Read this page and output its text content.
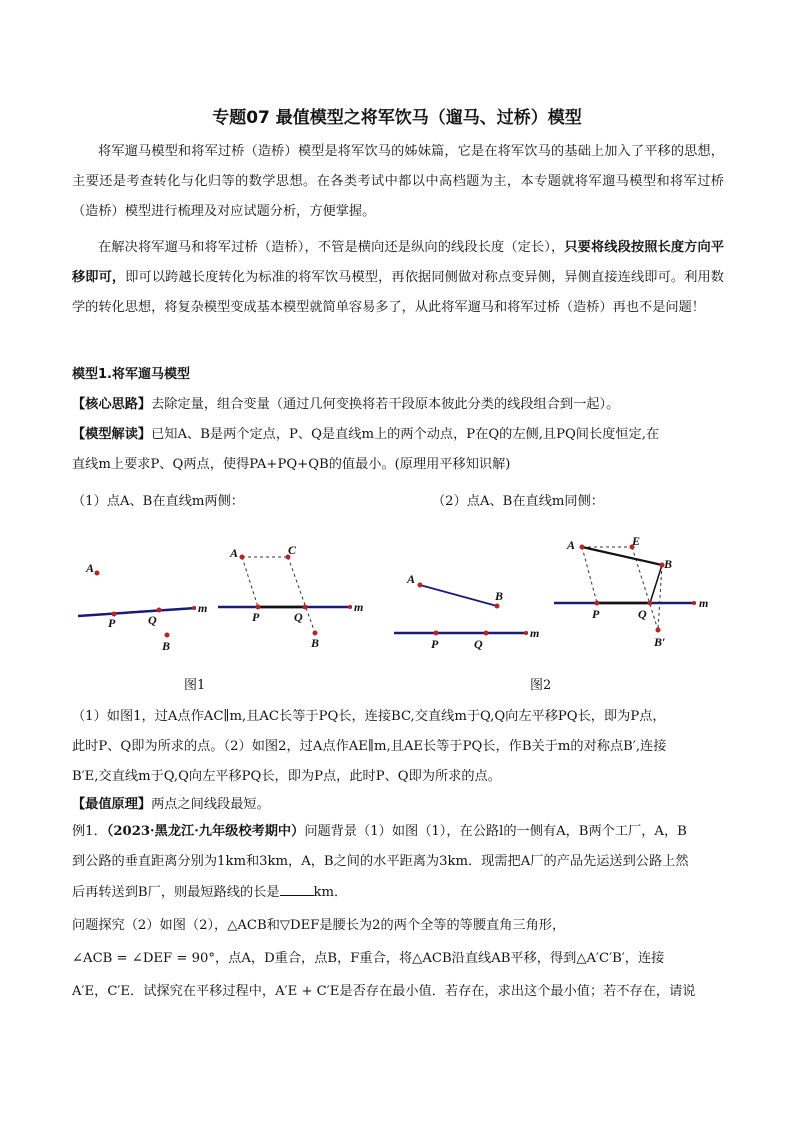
专题07 最值模型之将军饮马（遛马、过桥）模型

将军遛马模型和将军过桥（造桥）模型是将军饮马的姊妹篇，它是在将军饮马的基础上加入了平移的思想，主要还是考查转化与化归等的数学思想。在各类考试中都以中高档题为主，本专题就将军遛马模型和将军过桥（造桥）模型进行梳理及对应试题分析，方便掌握。

在解决将军遛马和将军过桥（造桥），不管是横向还是纵向的线段长度（定长），只要将线段按照长度方向平移即可，即可以跨越长度转化为标准的将军饮马模型，再依据同侧做对称点变异侧，异侧直接连线即可。利用数学的转化思想，将复杂模型变成基本模型就简单容易多了，从此将军遛马和将军过桥（造桥）再也不是问题！

模型1.将军遛马模型
【核心思路】去除定量，组合变量（通过几何变换将若干段原本彼此分类的线段组合到一起）。
【模型解读】已知A、B是两个定点，P、Q是直线m上的两个动点，P在Q的左侧,且PQ间长度恒定,在
直线m上要求P、Q两点，使得PA+PQ+QB的值最小。(原理用平移知识解)
（1）点A、B在直线m两侧：	（2）点A、B在直线m同侧：
A
P	Q
B
m
A	C
P	Q
B
m
A
B
P	Q
m
A	E
B
P	Q
B′
m
图1	图2
（1）如图1，过A点作AC∥m,且AC长等于PQ长，连接BC,交直线m于Q,Q向左平移PQ长，即为P点，
此时P、Q即为所求的点。（2）如图2，过A点作AE∥m,且AE长等于PQ长，作B关于m的对称点B′,连接
B′E,交直线m于Q,Q向左平移PQ长，即为P点，此时P、Q即为所求的点。
【最值原理】两点之间线段最短。
例1．（2023·黑龙江·九年级校考期中）问题背景（1）如图（1），在公路l的一侧有A，B两个工厂，A，B
到公路的垂直距离分别为1km和3km，A，B之间的水平距离为3km．现需把A厂的产品先运送到公路上然
后再转送到B厂，则最短路线的长是	km．
问题探究（2）如图（2），△ACB和▽DEF是腰长为2的两个全等的等腰直角三角形，
∠ACB = ∠DEF = 90°，点A，D重合，点B，F重合，将△ACB沿直线AB平移，得到△A′C′B′，连接
A′E，C′E．试探究在平移过程中，A′E + C′E是否存在最小值．若存在，求出这个最小值；若不存在，请说
